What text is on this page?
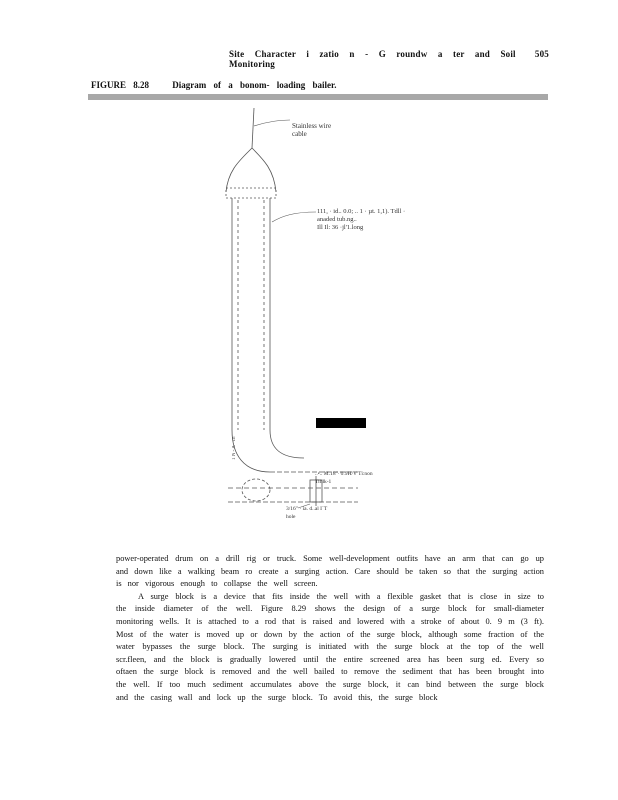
Site Character i zatio n - G roundw a ter and Soil Monitoring
505
FIGURE 8.28	Diagram of a bonom- loading bailer.
Stainless wire
cable
111, · id.. 0.0; .. 1 · µt. 1,1). Tdll ·
anaded tub.ng..
Ill Il: 36 ·jl'1.long
1 N - A · ch
..•.. M.18"·'0.9H/V Ti:non
Tihlk-1
3/16" · ia. d..al I´T
hole

power-operated drum on a drill rig or truck. Some well-development outfits have an arm that can go up and down like a walking beam ro create a surging action. Care should be taken so that the surging action is nor vigorous enough to collapse the well screen.

A surge block is a device that fits inside the well with a flexible gasket that is close in size to the inside diameter of the well. Figure 8.29 shows the design of a surge block for small-diameter monitoring wells. It is attached to a rod that is raised and lowered with a stroke of about 0. 9 m (3 ft). Most of the water is moved up or down by the action of the surge block, although some fraction of the water bypasses the surge block. The surging is initiated with the surge block at the top of the well scr.fleen, and the block is gradually lowered until the entire screened area has been surg ed. Every so oftaen the surge block is removed and the well bailed to remove the sediment that has been brought into the well. If too much sediment accumulates above the surge block, it can bind between the surge block and the casing wall and lock up the surge block. To avoid this, the surge block
